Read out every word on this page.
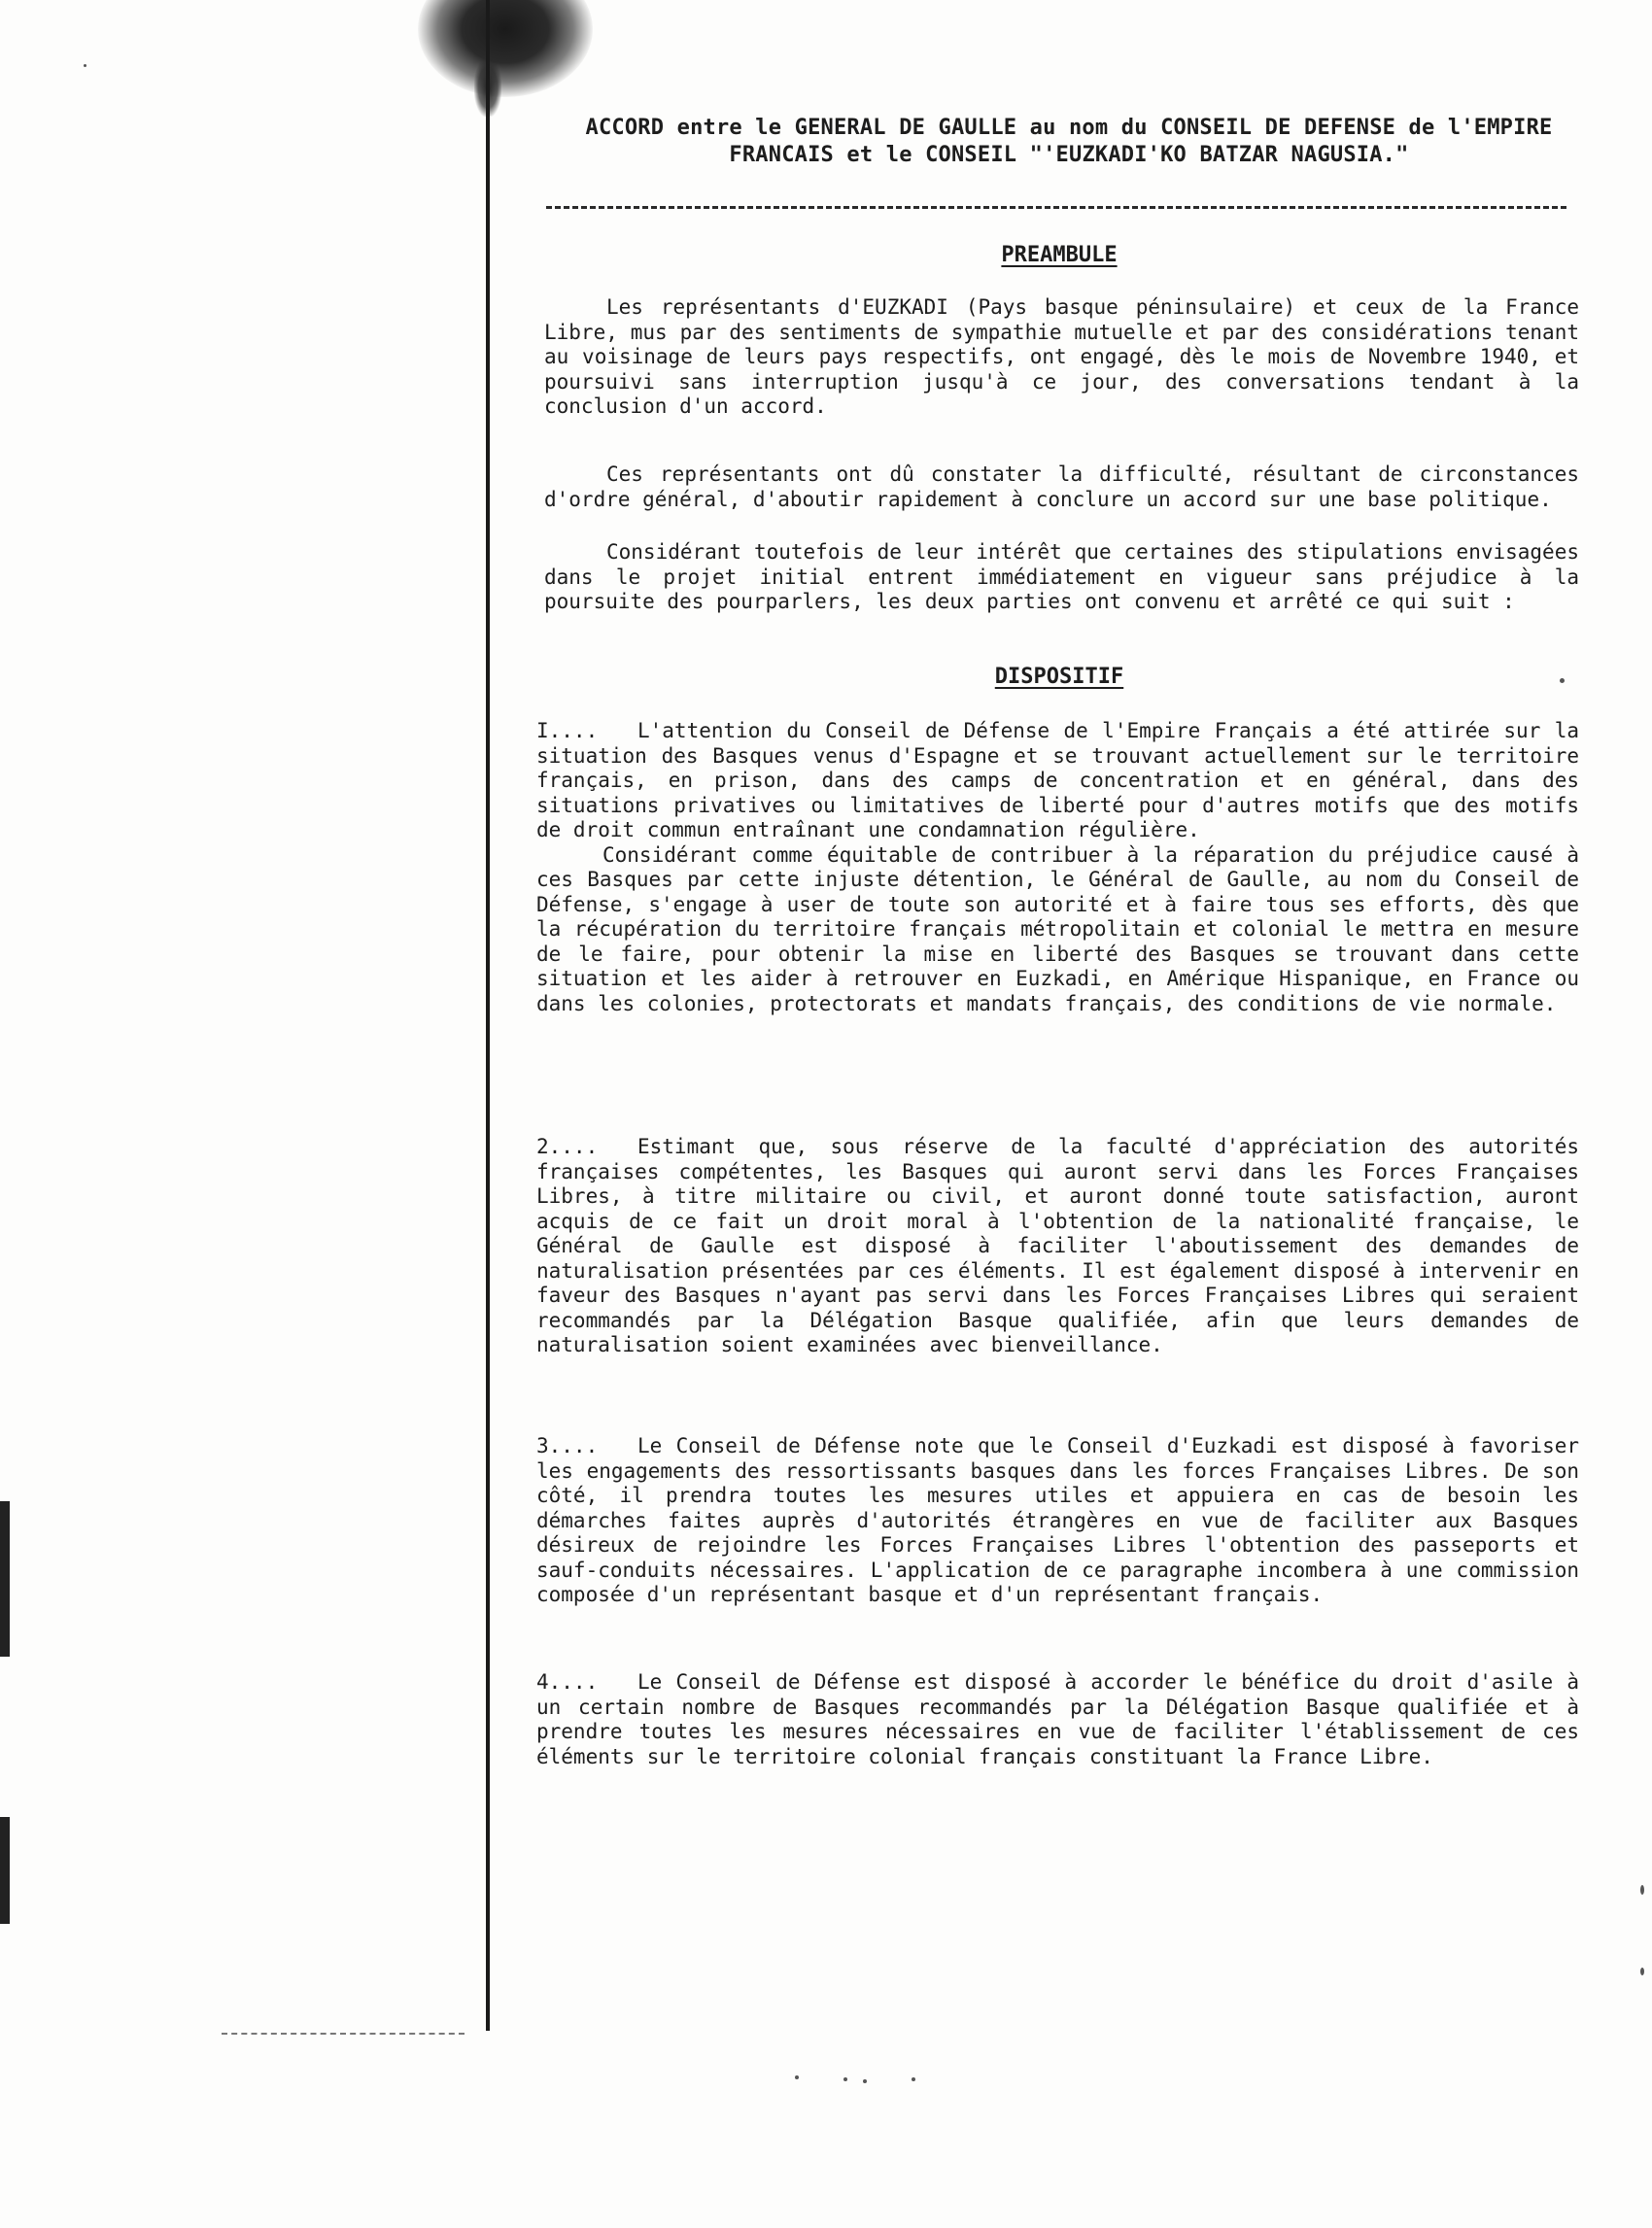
ACCORD entre le GENERAL DE GAULLE au nom du CONSEIL DE DEFENSE de l'EMPIRE
FRANCAIS et le CONSEIL "'EUZKADI'KO BATZAR NAGUSIA."
PREAMBULE

Les représentants d'EUZKADI (Pays basque péninsulaire) et ceux de la France Libre, mus par des sentiments de sympathie mutuelle et par des considérations tenant au voisinage de leurs pays respectifs, ont engagé, dès le mois de Novembre 1940, et poursuivi sans interruption jusqu'à ce jour, des conversations tendant à la conclusion d'un accord.

Ces représentants ont dû constater la difficulté, résultant de circonstances d'ordre général, d'aboutir rapidement à conclure un accord sur une base politique.

Considérant toutefois de leur intérêt que certaines des stipulations envisagées dans le projet initial entrent immédiatement en vigueur sans préjudice à la poursuite des pourparlers, les deux parties ont convenu et arrêté ce qui suit :

DISPOSITIF

I.... L'attention du Conseil de Défense de l'Empire Français a été attirée sur la situation des Basques venus d'Espagne et se trouvant actuellement sur le territoire français, en prison, dans des camps de concentration et en général, dans des situations privatives ou limitatives de liberté pour d'autres motifs que des motifs de droit commun entraînant une condamnation régulière.

Considérant comme équitable de contribuer à la réparation du préjudice causé à ces Basques par cette injuste détention, le Général de Gaulle, au nom du Conseil de Défense, s'engage à user de toute son autorité et à faire tous ses efforts, dès que la récupération du territoire français métropolitain et colonial le mettra en mesure de le faire, pour obtenir la mise en liberté des Basques se trouvant dans cette situation et les aider à retrouver en Euzkadi, en Amérique Hispanique, en France ou dans les colonies, protectorats et mandats français, des conditions de vie normale.

2.... Estimant que, sous réserve de la faculté d'appréciation des autorités françaises compétentes, les Basques qui auront servi dans les Forces Françaises Libres, à titre militaire ou civil, et auront donné toute satisfaction, auront acquis de ce fait un droit moral à l'obtention de la nationalité française, le Général de Gaulle est disposé à faciliter l'aboutissement des demandes de naturalisation présentées par ces éléments. Il est également disposé à intervenir en faveur des Basques n'ayant pas servi dans les Forces Françaises Libres qui seraient recommandés par la Délégation Basque qualifiée, afin que leurs demandes de naturalisation soient examinées avec bienveillance.

3.... Le Conseil de Défense note que le Conseil d'Euzkadi est disposé à favoriser les engagements des ressortissants basques dans les forces Françaises Libres. De son côté, il prendra toutes les mesures utiles et appuiera en cas de besoin les démarches faites auprès d'autorités étrangères en vue de faciliter aux Basques désireux de rejoindre les Forces Françaises Libres l'obtention des passeports et sauf-conduits nécessaires. L'application de ce paragraphe incombera à une commission composée d'un représentant basque et d'un représentant français.

4.... Le Conseil de Défense est disposé à accorder le bénéfice du droit d'asile à un certain nombre de Basques recommandés par la Délégation Basque qualifiée et à prendre toutes les mesures nécessaires en vue de faciliter l'établissement de ces éléments sur le territoire colonial français constituant la France Libre.
